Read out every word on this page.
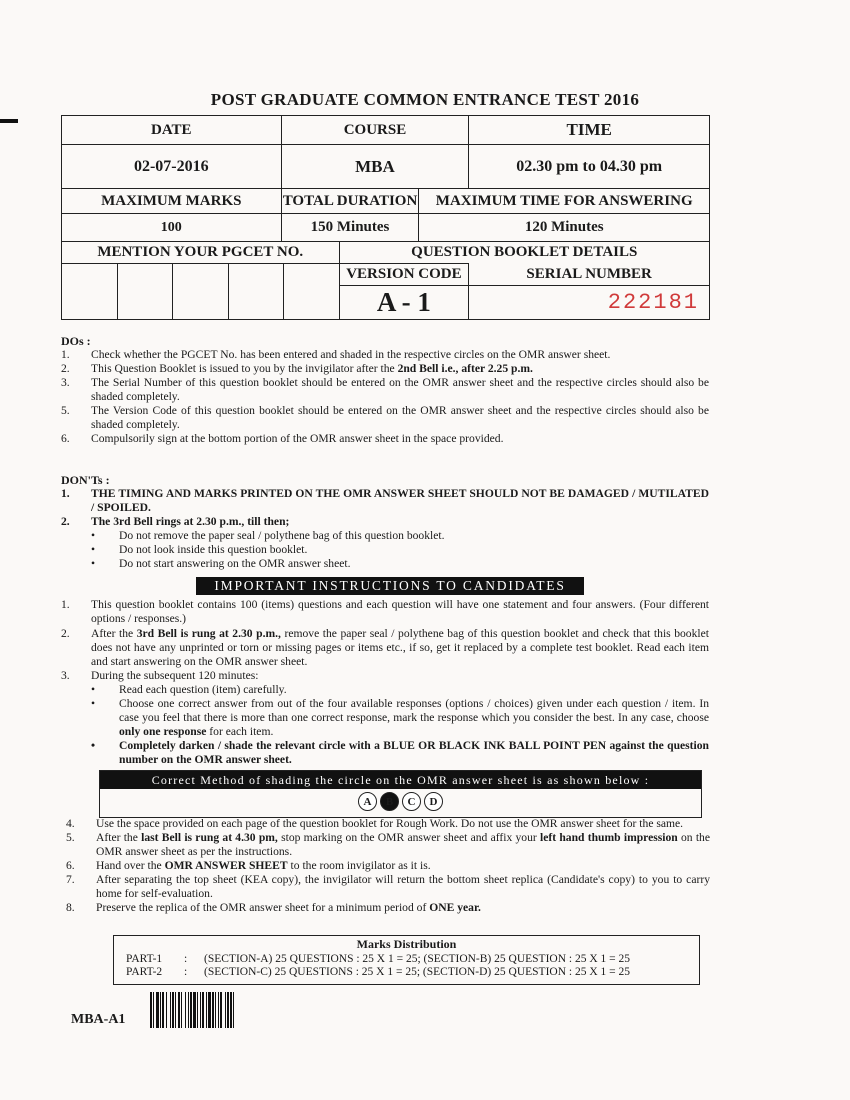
POST GRADUATE COMMON ENTRANCE TEST 2016
DATE	COURSE			TIME
02-07-2016	MBA			02.30 pm to 04.30 pm
MAXIMUM MARKS	TOTAL DURATION		MAXIMUM TIME FOR ANSWERING	
100	150 Minutes		120 Minutes	
MENTION YOUR PGCET NO.		QUESTION BOOKLET DETAILS		

		VERSION CODE		SERIAL NUMBER
		A - 1		222181
DOs :
1. Check whether the PGCET No. has been entered and shaded in the respective circles on the OMR answer sheet.
2. This Question Booklet is issued to you by the invigilator after the 2nd Bell i.e., after 2.25 p.m.
3. The Serial Number of this question booklet should be entered on the OMR answer sheet and the respective circles should also be shaded completely.
5. The Version Code of this question booklet should be entered on the OMR answer sheet and the respective circles should also be shaded completely.
6. Compulsorily sign at the bottom portion of the OMR answer sheet in the space provided.
DON'Ts :
1. THE TIMING AND MARKS PRINTED ON THE OMR ANSWER SHEET SHOULD NOT BE DAMAGED / MUTILATED / SPOILED.
2. The 3rd Bell rings at 2.30 p.m., till then;
• Do not remove the paper seal / polythene bag of this question booklet.
• Do not look inside this question booklet.
• Do not start answering on the OMR answer sheet.
IMPORTANT INSTRUCTIONS TO CANDIDATES
1. This question booklet contains 100 (items) questions and each question will have one statement and four answers. (Four different options / responses.)
2. After the 3rd Bell is rung at 2.30 p.m., remove the paper seal / polythene bag of this question booklet and check that this booklet does not have any unprinted or torn or missing pages or items etc., if so, get it replaced by a complete test booklet. Read each item and start answering on the OMR answer sheet.
3. During the subsequent 120 minutes:
• Read each question (item) carefully.
• Choose one correct answer from out of the four available responses (options / choices) given under each question / item. In case you feel that there is more than one correct response, mark the response which you consider the best. In any case, choose only one response for each item.
• Completely darken / shade the relevant circle with a BLUE OR BLACK INK BALL POINT PEN against the question number on the OMR answer sheet.
Correct Method of shading the circle on the OMR answer sheet is as shown below :
A	B	C	D
4. Use the space provided on each page of the question booklet for Rough Work. Do not use the OMR answer sheet for the same.
5. After the last Bell is rung at 4.30 pm, stop marking on the OMR answer sheet and affix your left hand thumb impression on the OMR answer sheet as per the instructions.
6. Hand over the OMR ANSWER SHEET to the room invigilator as it is.
7. After separating the top sheet (KEA copy), the invigilator will return the bottom sheet replica (Candidate's copy) to you to carry home for self-evaluation.
8. Preserve the replica of the OMR answer sheet for a minimum period of ONE year.
Marks Distribution
PART-1 : (SECTION-A) 25 QUESTIONS : 25 X 1 = 25; (SECTION-B) 25 QUESTION : 25 X 1 = 25
PART-2 : (SECTION-C) 25 QUESTIONS : 25 X 1 = 25; (SECTION-D) 25 QUESTION : 25 X 1 = 25
MBA-A1
